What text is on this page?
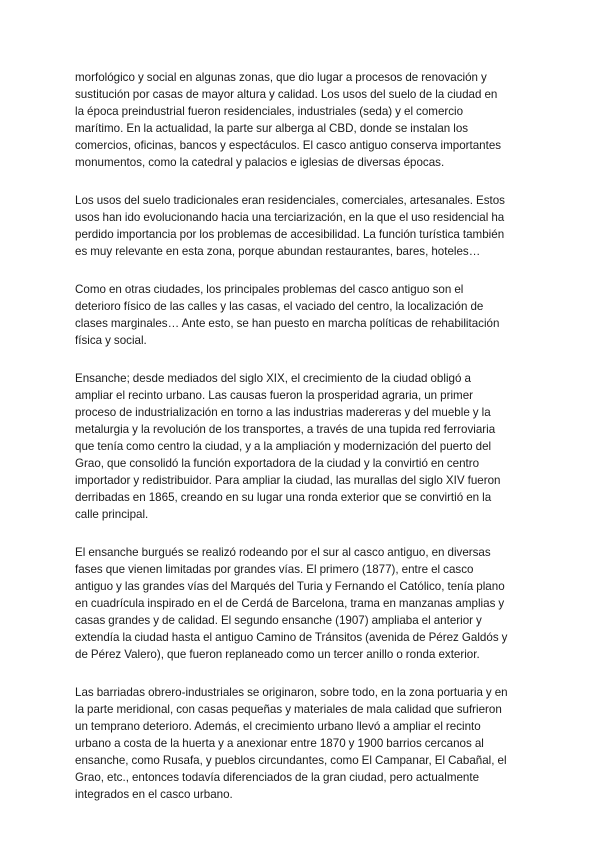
morfológico y social en algunas zonas, que dio lugar a procesos de renovación y
sustitución por casas de mayor altura y calidad. Los usos del suelo de la ciudad en
la época preindustrial fueron residenciales, industriales (seda) y el comercio
marítimo. En la actualidad, la parte sur alberga al CBD, donde se instalan los
comercios, oficinas, bancos y espectáculos. El casco antiguo conserva importantes
monumentos, como la catedral y palacios e iglesias de diversas épocas.

Los usos del suelo tradicionales eran residenciales, comerciales, artesanales. Estos
usos han ido evolucionando hacia una terciarización, en la que el uso residencial ha
perdido importancia por los problemas de accesibilidad. La función turística también
es muy relevante en esta zona, porque abundan restaurantes, bares, hoteles…

Como en otras ciudades, los principales problemas del casco antiguo son el
deterioro físico de las calles y las casas, el vaciado del centro, la localización de
clases marginales… Ante esto, se han puesto en marcha políticas de rehabilitación
física y social.

Ensanche; desde mediados del siglo XIX, el crecimiento de la ciudad obligó a
ampliar el recinto urbano. Las causas fueron la prosperidad agraria, un primer
proceso de industrialización en torno a las industrias madereras y del mueble y la
metalurgia y la revolución de los transportes, a través de una tupida red ferroviaria
que tenía como centro la ciudad, y a la ampliación y modernización del puerto del
Grao, que consolidó la función exportadora de la ciudad y la convirtió en centro
importador y redistribuidor. Para ampliar la ciudad, las murallas del siglo XIV fueron
derribadas en 1865, creando en su lugar una ronda exterior que se convirtió en la
calle principal.

El ensanche burgués se realizó rodeando por el sur al casco antiguo, en diversas
fases que vienen limitadas por grandes vías. El primero (1877), entre el casco
antiguo y las grandes vías del Marqués del Turia y Fernando el Católico, tenía plano
en cuadrícula inspirado en el de Cerdá de Barcelona, trama en manzanas amplias y
casas grandes y de calidad. El segundo ensanche (1907) ampliaba el anterior y
extendía la ciudad hasta el antiguo Camino de Tránsitos (avenida de Pérez Galdós y
de Pérez Valero), que fueron replaneado como un tercer anillo o ronda exterior.

Las barriadas obrero-industriales se originaron, sobre todo, en la zona portuaria y en
la parte meridional, con casas pequeñas y materiales de mala calidad que sufrieron
un temprano deterioro. Además, el crecimiento urbano llevó a ampliar el recinto
urbano a costa de la huerta y a anexionar entre 1870 y 1900 barrios cercanos al
ensanche, como Rusafa, y pueblos circundantes, como El Campanar, El Cabañal, el
Grao, etc., entonces todavía diferenciados de la gran ciudad, pero actualmente
integrados en el casco urbano.
